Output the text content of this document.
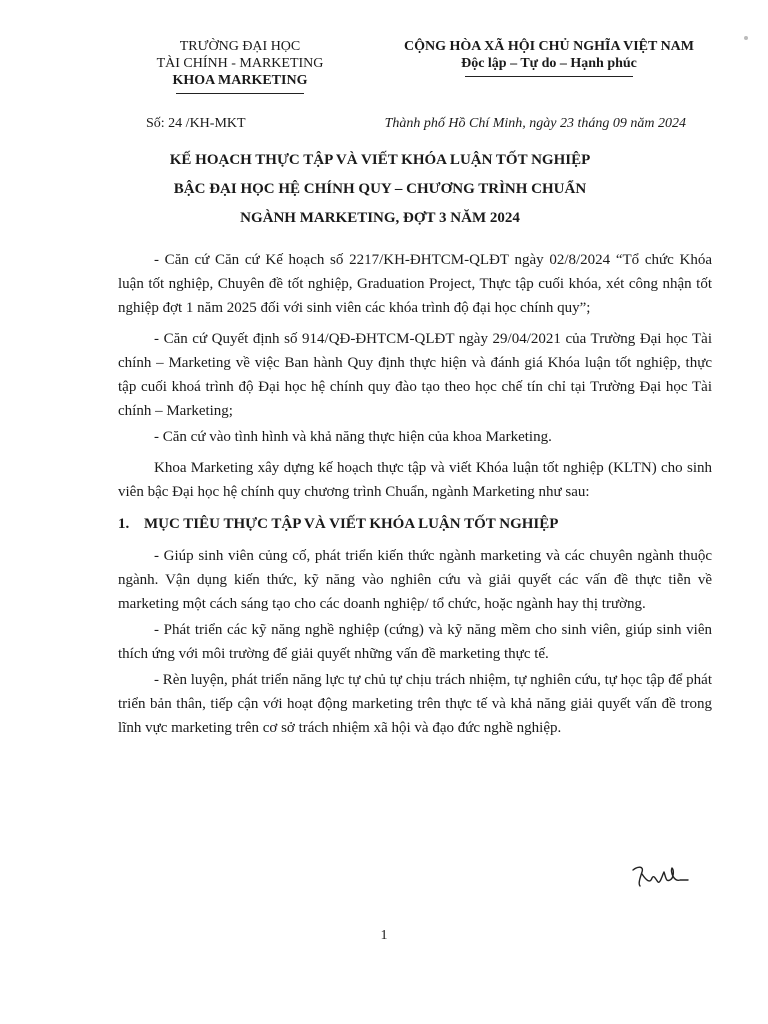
TRƯỜNG ĐẠI HỌC
TÀI CHÍNH - MARKETING
KHOA MARKETING
CỘNG HÒA XÃ HỘI CHỦ NGHĨA VIỆT NAM
Độc lập – Tự do – Hạnh phúc
Số: 24 /KH-MKT	Thành phố Hồ Chí Minh, ngày 23 tháng 09 năm 2024
KẾ HOẠCH THỰC TẬP VÀ VIẾT KHÓA LUẬN TỐT NGHIỆP
BẬC ĐẠI HỌC HỆ CHÍNH QUY – CHƯƠNG TRÌNH CHUẨN
NGÀNH MARKETING, ĐỢT 3 NĂM 2024

- Căn cứ Căn cứ Kế hoạch số 2217/KH-ĐHTCM-QLĐT ngày 02/8/2024 “Tổ chức Khóa luận tốt nghiệp, Chuyên đề tốt nghiệp, Graduation Project, Thực tập cuối khóa, xét công nhận tốt nghiệp đợt 1 năm 2025 đối với sinh viên các khóa trình độ đại học chính quy”;

- Căn cứ Quyết định số 914/QĐ-ĐHTCM-QLĐT ngày 29/04/2021 của Trường Đại học Tài chính – Marketing về việc Ban hành Quy định thực hiện và đánh giá Khóa luận tốt nghiệp, thực tập cuối khoá trình độ Đại học hệ chính quy đào tạo theo học chế tín chỉ tại Trường Đại học Tài chính – Marketing;

- Căn cứ vào tình hình và khả năng thực hiện của khoa Marketing.

Khoa Marketing xây dựng kế hoạch thực tập và viết Khóa luận tốt nghiệp (KLTN) cho sinh viên bậc Đại học hệ chính quy chương trình Chuẩn, ngành Marketing như sau:

1. MỤC TIÊU THỰC TẬP VÀ VIẾT KHÓA LUẬN TỐT NGHIỆP

- Giúp sinh viên củng cố, phát triển kiến thức ngành marketing và các chuyên ngành thuộc ngành. Vận dụng kiến thức, kỹ năng vào nghiên cứu và giải quyết các vấn đề thực tiễn về marketing một cách sáng tạo cho các doanh nghiệp/ tổ chức, hoặc ngành hay thị trường.

- Phát triển các kỹ năng nghề nghiệp (cứng) và kỹ năng mềm cho sinh viên, giúp sinh viên thích ứng với môi trường để giải quyết những vấn đề marketing thực tế.

- Rèn luyện, phát triển năng lực tự chủ tự chịu trách nhiệm, tự nghiên cứu, tự học tập để phát triển bản thân, tiếp cận với hoạt động marketing trên thực tế và khả năng giải quyết vấn đề trong lĩnh vực marketing trên cơ sở trách nhiệm xã hội và đạo đức nghề nghiệp.

1
